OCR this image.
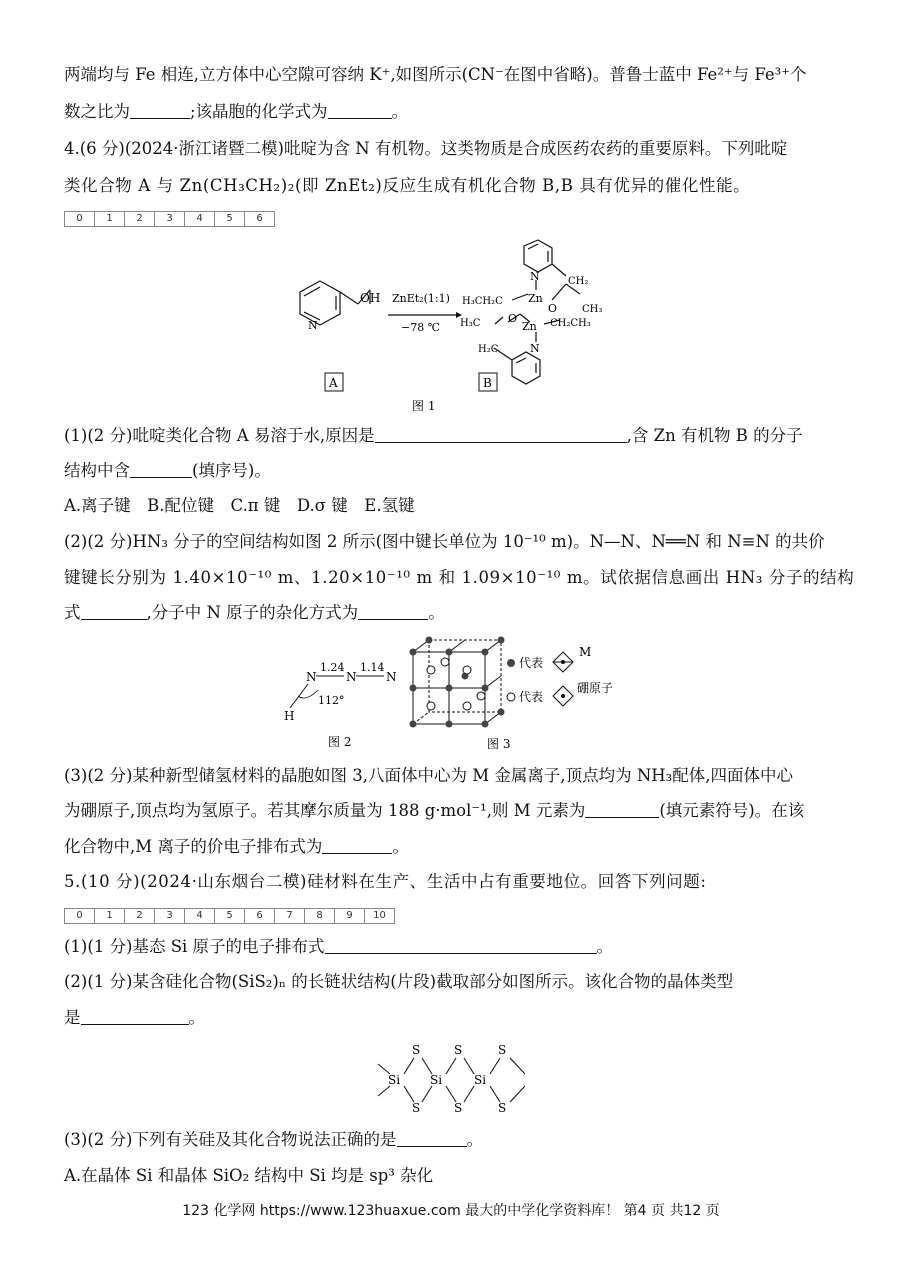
两端均与 Fe 相连,立方体中心空隙可容纳 K⁺,如图所示(CN⁻在图中省略)。普鲁士蓝中 Fe²⁺与 Fe³⁺个
数之比为	;该晶胞的化学式为	。
4.(6 分)(2024·浙江诸暨二模)吡啶为含 N 有机物。这类物质是合成医药农药的重要原料。下列吡啶
类化合物 A 与 Zn(CH₃CH₂)₂(即 ZnEt₂)反应生成有机化合物 B,B 具有优异的催化性能。
0	1	2	3	4	5	6
N
OH ZnEt₂(1:1)
−78 ℃
N	CH₂
H₃CH₂C Zn
O CH₃
H₃C	O
Zn CH₂CH₃
H₂C	N
A	B
图 1
(1)(2 分)吡啶类化合物 A 易溶于水,原因是	,含 Zn 有机物 B 的分子
结构中含	(填序号)。
A.离子键　B.配位键　C.π 键　D.σ 键　E.氢键
(2)(2 分)HN₃ 分子的空间结构如图 2 所示(图中键长单位为 10⁻¹⁰ m)。N—N、N══N 和 N≡N 的共价
键键长分别为 1.40×10⁻¹⁰ m、1.20×10⁻¹⁰ m 和 1.09×10⁻¹⁰ m。试依据信息画出 HN₃ 分子的结构
式	,分子中 N 原子的杂化方式为	。
N N N
1.24 1.14
H
112°
图 2
代表
M
代表
硼原子
图 3
(3)(2 分)某种新型储氢材料的晶胞如图 3,八面体中心为 M 金属离子,顶点均为 NH₃配体,四面体中心
为硼原子,顶点均为氢原子。若其摩尔质量为 188 g·mol⁻¹,则 M 元素为	(填元素符号)。在该
化合物中,M 离子的价电子排布式为	。
5.(10 分)(2024·山东烟台二模)硅材料在生产、生活中占有重要地位。回答下列问题:
0	1	2	3	4	5	6	7	8	9	10
(1)(1 分)基态 Si 原子的电子排布式	。
(2)(1 分)某含硅化合物(SiS₂)ₙ 的长链状结构(片段)截取部分如图所示。该化合物的晶体类型
是	。
S	S	S
Si Si	Si
S	S	S
(3)(2 分)下列有关硅及其化合物说法正确的是	。
A.在晶体 Si 和晶体 SiO₂ 结构中 Si 均是 sp³ 杂化
123 化学网 https://www.123huaxue.com 最大的中学化学资料库！ 第4 页 共12 页
